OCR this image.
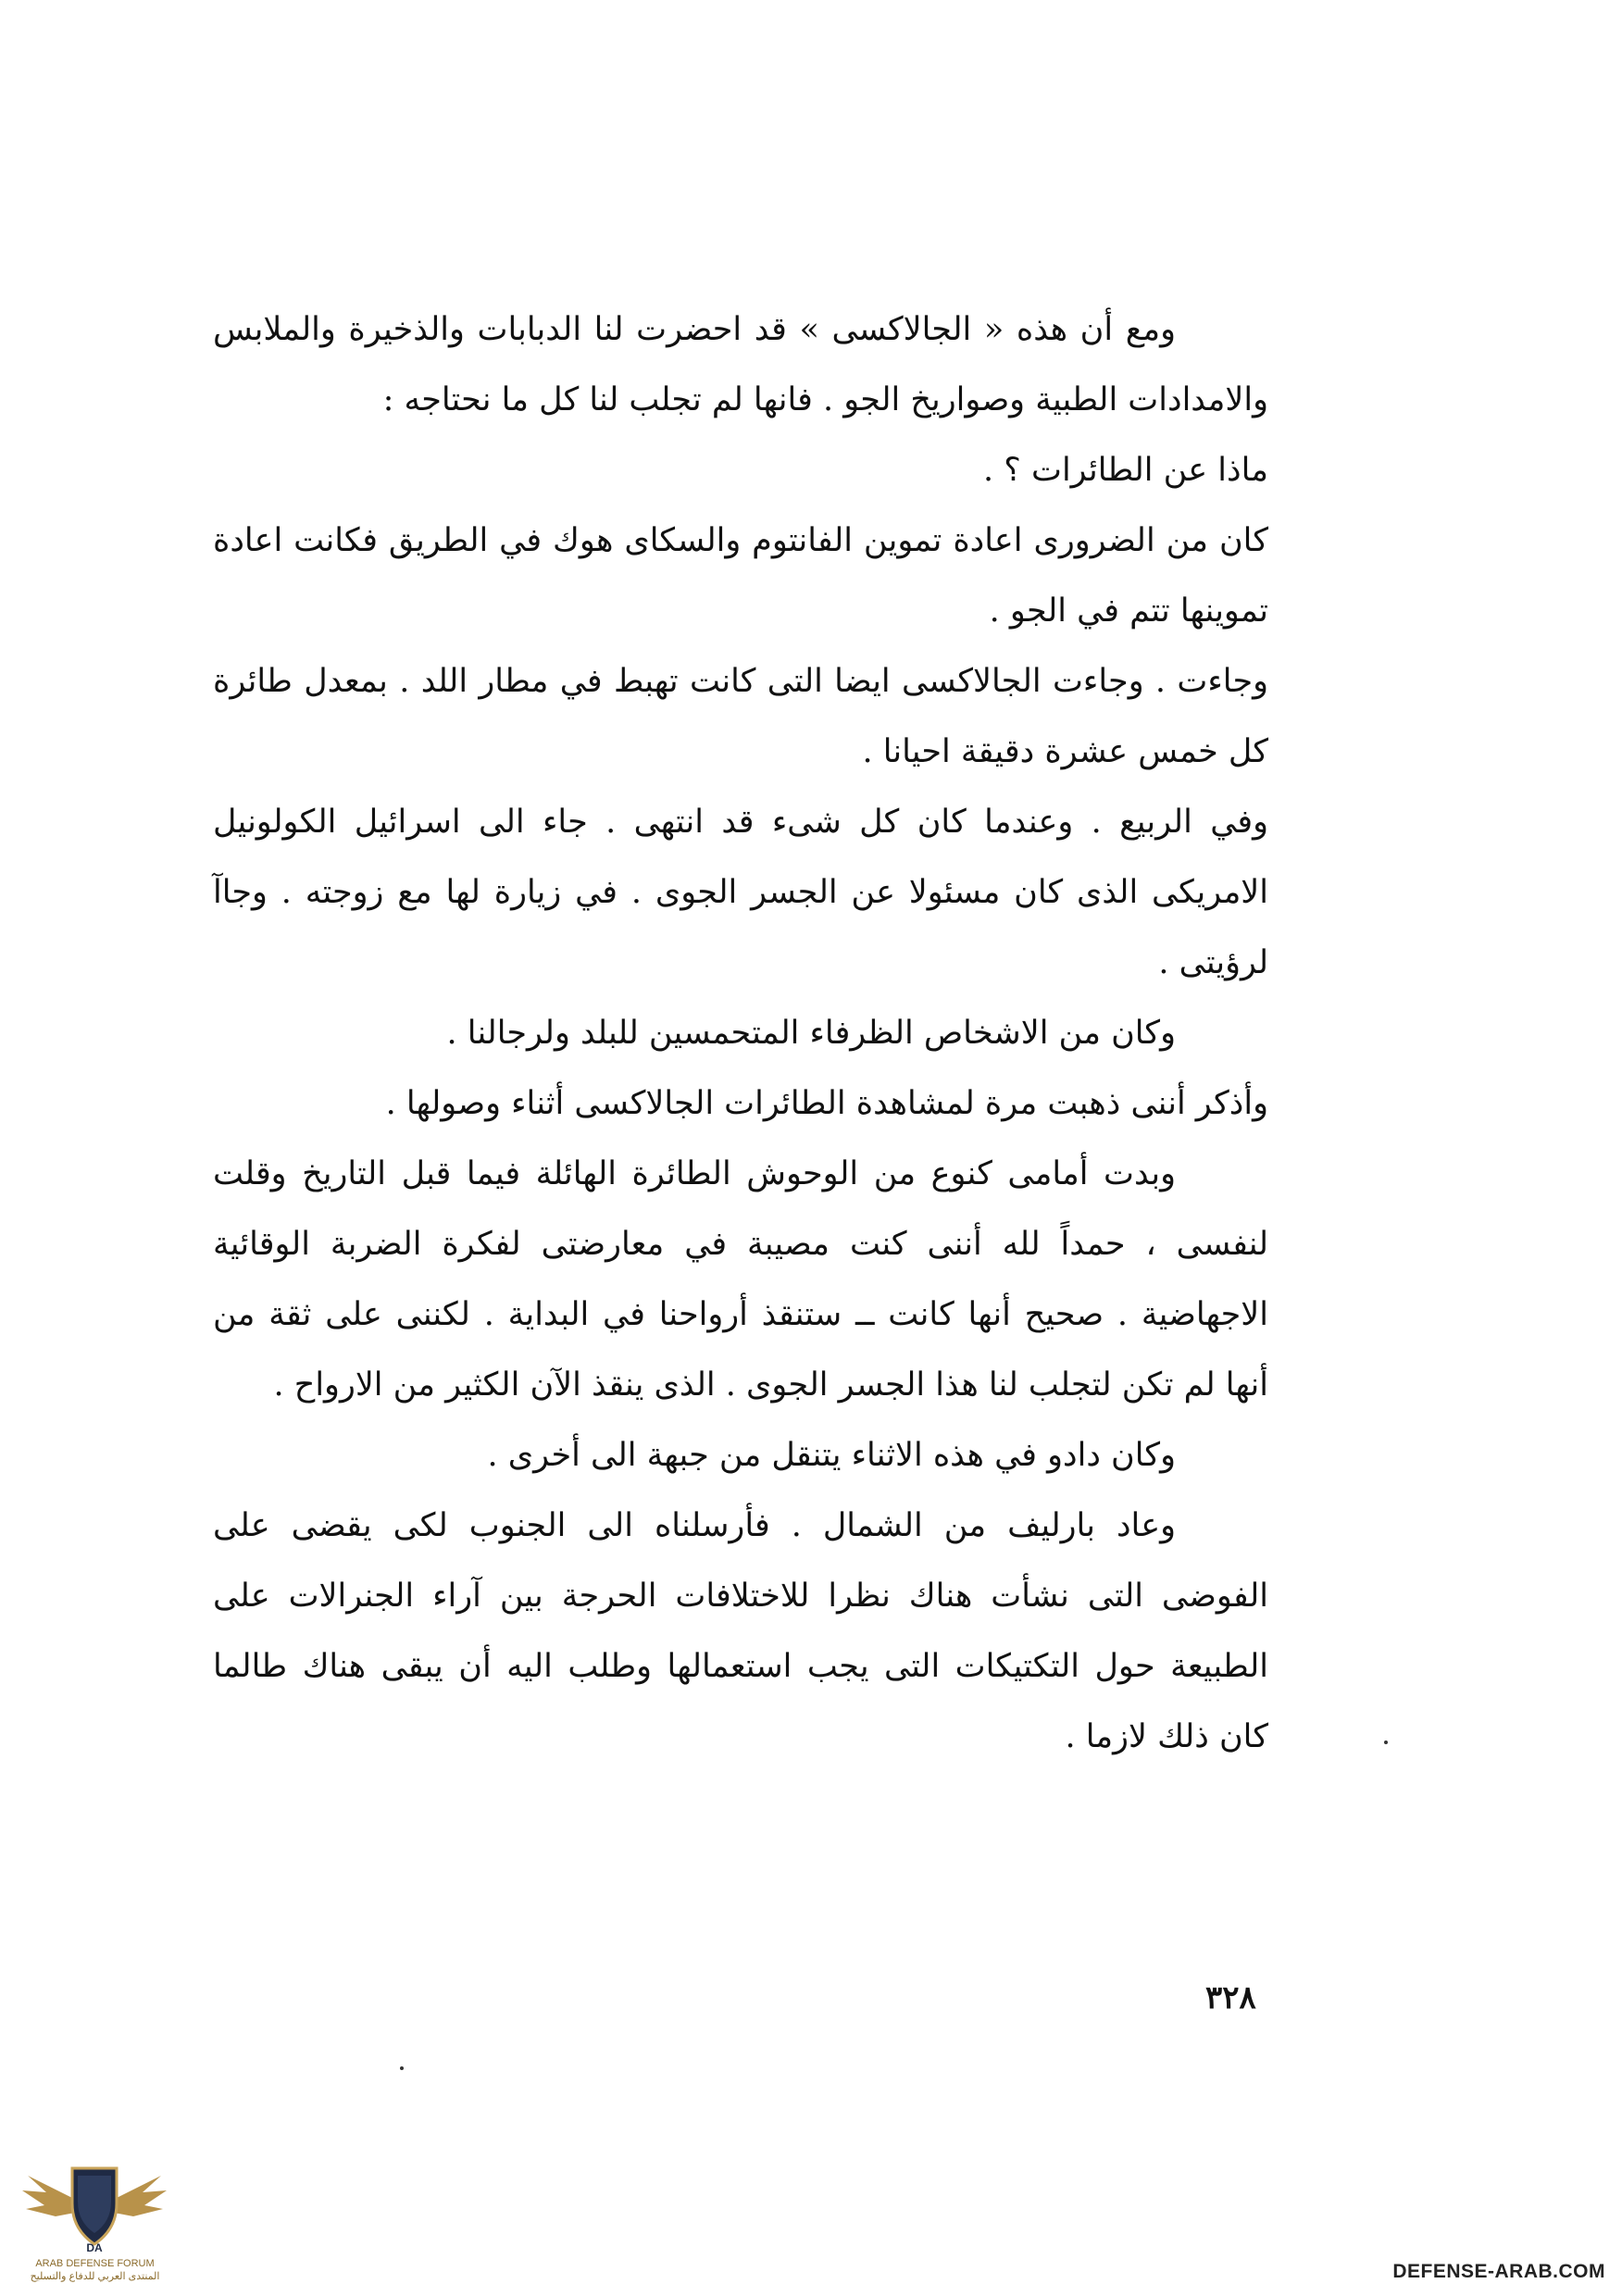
ومع أن هذه « الجالاكسى » قد احضرت لنا الدبابات والذخيرة والملابس والامدادات الطبية وصواريخ الجو . فانها لم تجلب لنا كل ما نحتاجه :

ماذا عن الطائرات ؟ .

كان من الضرورى اعادة تموين الفانتوم والسكاى هوك في الطريق فكانت اعادة تموينها تتم في الجو .

وجاءت . وجاءت الجالاكسى ايضا التى كانت تهبط في مطار اللد . بمعدل طائرة كل خمس عشرة دقيقة احيانا .

وفي الربيع . وعندما كان كل شىء قد انتهى . جاء الى اسرائيل الكولونيل الامريكى الذى كان مسئولا عن الجسر الجوى . في زيارة لها مع زوجته . وجاآ لرؤيتى .

وكان من الاشخاص الظرفاء المتحمسين للبلد ولرجالنا .

وأذكر أننى ذهبت مرة لمشاهدة الطائرات الجالاكسى أثناء وصولها .

وبدت أمامى كنوع من الوحوش الطائرة الهائلة فيما قبل التاريخ وقلت لنفسى ، حمداً لله أننى كنت مصيبة في معارضتى لفكرة الضربة الوقائية الاجهاضية . صحيح أنها كانت ــ ستنقذ أرواحنا في البداية . لكننى على ثقة من أنها لم تكن لتجلب لنا هذا الجسر الجوى . الذى ينقذ الآن الكثير من الارواح .

وكان دادو في هذه الاثناء يتنقل من جبهة الى أخرى .

وعاد بارليف من الشمال . فأرسلناه الى الجنوب لكى يقضى على الفوضى التى نشأت هناك نظرا للاختلافات الحرجة بين آراء الجنرالات على الطبيعة حول التكتيكات التى يجب استعمالها وطلب اليه أن يبقى هناك طالما كان ذلك لازما .

٣٢٨
DA
ARAB DEFENSE FORUM
المنتدى العربي للدفاع والتسليح	DEFENSE-ARAB.COM
